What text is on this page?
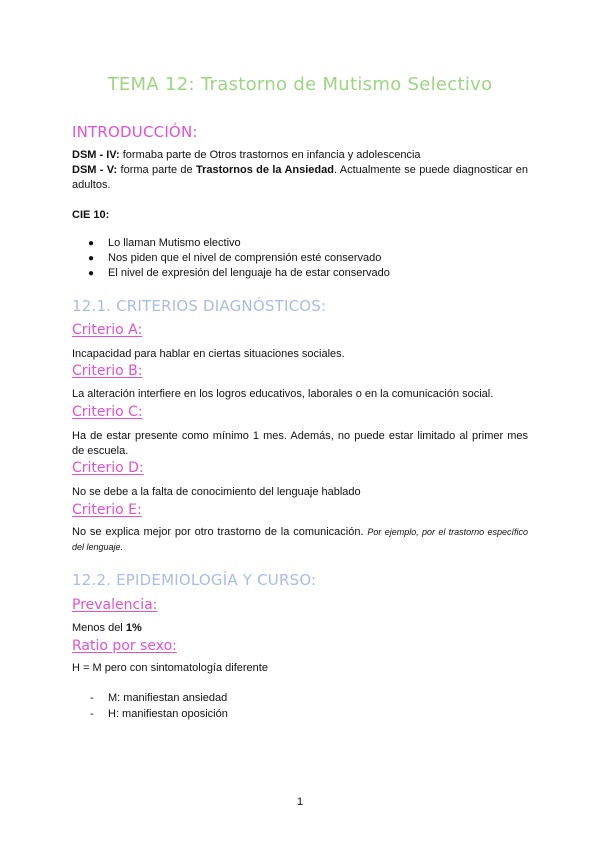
TEMA 12: Trastorno de Mutismo Selectivo
INTRODUCCIÓN:
DSM - IV: formaba parte de Otros trastornos en infancia y adolescencia
DSM - V: forma parte de Trastornos de la Ansiedad. Actualmente se puede diagnosticar en adultos.
CIE 10:
● Lo llaman Mutismo electivo
● Nos piden que el nivel de comprensión esté conservado
● El nivel de expresión del lenguaje ha de estar conservado
12.1. CRITERIOS DIAGNÓSTICOS:
Criterio A:
Incapacidad para hablar en ciertas situaciones sociales.
Criterio B:
La alteración interfiere en los logros educativos, laborales o en la comunicación social.
Criterio C:
Ha de estar presente como mínimo 1 mes. Además, no puede estar limitado al primer mes de escuela.
Criterio D:
No se debe a la falta de conocimiento del lenguaje hablado
Criterio E:
No se explica mejor por otro trastorno de la comunicación. Por ejemplo, por el trastorno específico del lenguaje.
12.2. EPIDEMIOLOGÍA Y CURSO:
Prevalencia:
Menos del 1%
Ratio por sexo:
H = M pero con sintomatología diferente
- M: manifiestan ansiedad
- H: manifiestan oposición
1
